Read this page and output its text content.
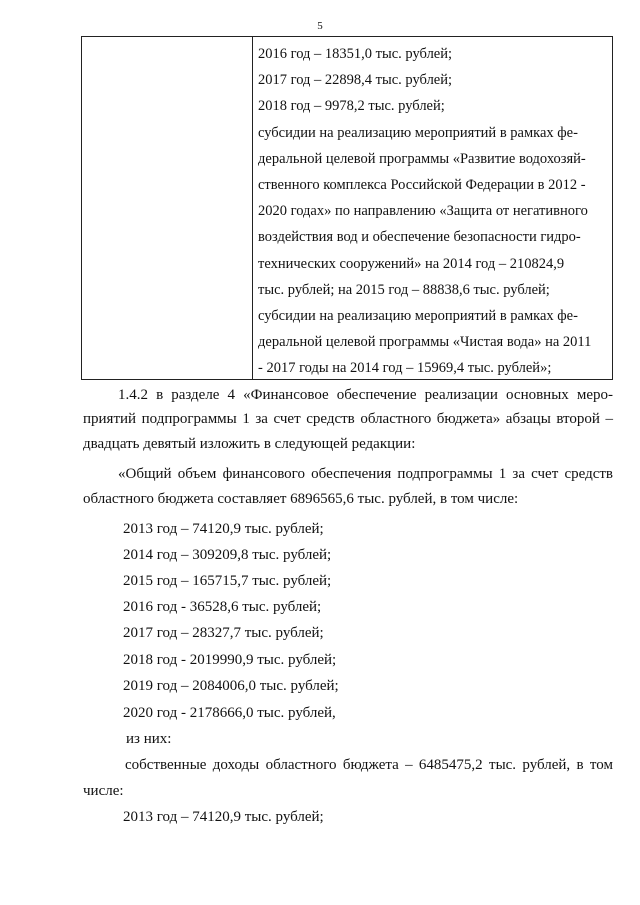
5
2016 год – 18351,0 тыс. рублей;
2017 год – 22898,4 тыс. рублей;
2018 год – 9978,2 тыс. рублей;
субсидии на реализацию мероприятий в рамках фе-
деральной целевой программы «Развитие водохозяй-
ственного комплекса Российской Федерации в 2012 -
2020 годах» по направлению «Защита от негативного
воздействия вод и обеспечение безопасности гидро-
технических сооружений» на 2014 год – 210824,9
тыс. рублей; на 2015 год – 88838,6 тыс. рублей;
субсидии на реализацию мероприятий в рамках фе-
деральной целевой программы «Чистая вода» на 2011
- 2017 годы на 2014 год – 15969,4 тыс. рублей»;
1.4.2 в разделе 4 «Финансовое обеспечение реализации основных меро-
приятий подпрограммы 1 за счет средств областного бюджета» абзацы второй –
двадцать девятый изложить в следующей редакции:
«Общий объем финансового обеспечения подпрограммы 1 за счет средств
областного бюджета составляет 6896565,6 тыс. рублей, в том числе:
2013 год – 74120,9 тыс. рублей;
2014 год – 309209,8 тыс. рублей;
2015 год – 165715,7 тыс. рублей;
2016 год - 36528,6 тыс. рублей;
2017 год – 28327,7 тыс. рублей;
2018 год - 2019990,9 тыс. рублей;
2019 год – 2084006,0 тыс. рублей;
2020 год - 2178666,0 тыс. рублей,
из них:
собственные доходы областного бюджета – 6485475,2 тыс. рублей, в том
числе:
2013 год – 74120,9 тыс. рублей;
